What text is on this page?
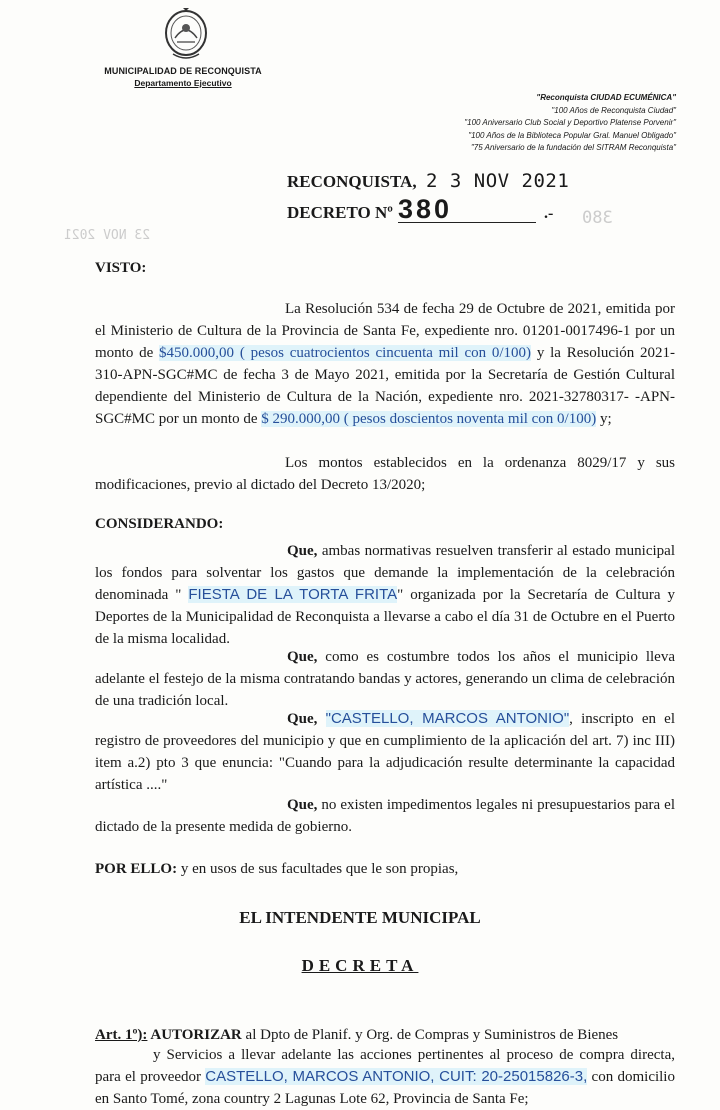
MUNICIPALIDAD DE RECONQUISTA
Departamento Ejecutivo
"Reconquista CIUDAD ECUMÉNICA"
"100 Años de Reconquista Ciudad"
"100 Aniversario Club Social y Deportivo Platense Porvenir"
"100 Años de la Biblioteca Popular Gral. Manuel Obligado"
"75 Aniversario de la fundación del SITRAM Reconquista"
RECONQUISTA, 2 3 NOV 2021
DECRETO Nº 380	.-
23 NOV 2021
380
VISTO:
La Resolución 534 de fecha 29 de Octubre de 2021, emitida por el Ministerio de Cultura de la Provincia de Santa Fe, expediente nro. 01201-0017496-1 por un monto de $450.000,00 ( pesos cuatrocientos cincuenta mil con 0/100) y la Resolución 2021-310-APN-SGC#MC de fecha 3 de Mayo 2021, emitida por la Secretaría de Gestión Cultural dependiente del Ministerio de Cultura de la Nación, expediente nro. 2021-32780317- -APN-SGC#MC por un monto de $ 290.000,00 ( pesos doscientos noventa mil con 0/100) y;
Los montos establecidos en la ordenanza 8029/17 y sus modificaciones, previo al dictado del Decreto 13/2020;
CONSIDERANDO:
Que, ambas normativas resuelven transferir al estado municipal los fondos para solventar los gastos que demande la implementación de la celebración denominada " FIESTA DE LA TORTA FRITA" organizada por la Secretaría de Cultura y Deportes de la Municipalidad de Reconquista a llevarse a cabo el día 31 de Octubre en el Puerto de la misma localidad.
Que, como es costumbre todos los años el municipio lleva adelante el festejo de la misma contratando bandas y actores, generando un clima de celebración de una tradición local.
Que, "CASTELLO, MARCOS ANTONIO", inscripto en el registro de proveedores del municipio y que en cumplimiento de la aplicación del art. 7) inc III) item a.2) pto 3 que enuncia: "Cuando para la adjudicación resulte determinante la capacidad artística ...."
Que, no existen impedimentos legales ni presupuestarios para el dictado de la presente medida de gobierno.
POR ELLO: y en usos de sus facultades que le son propias,
EL INTENDENTE MUNICIPAL
DECRETA
Art. 1º): AUTORIZAR al Dpto de Planif. y Org. de Compras y Suministros de Bienes
y Servicios a llevar adelante las acciones pertinentes al proceso de compra directa, para el proveedor CASTELLO, MARCOS ANTONIO, CUIT: 20-25015826-3, con domicilio en Santo Tomé, zona country 2 Lagunas Lote 62, Provincia de Santa Fe;
